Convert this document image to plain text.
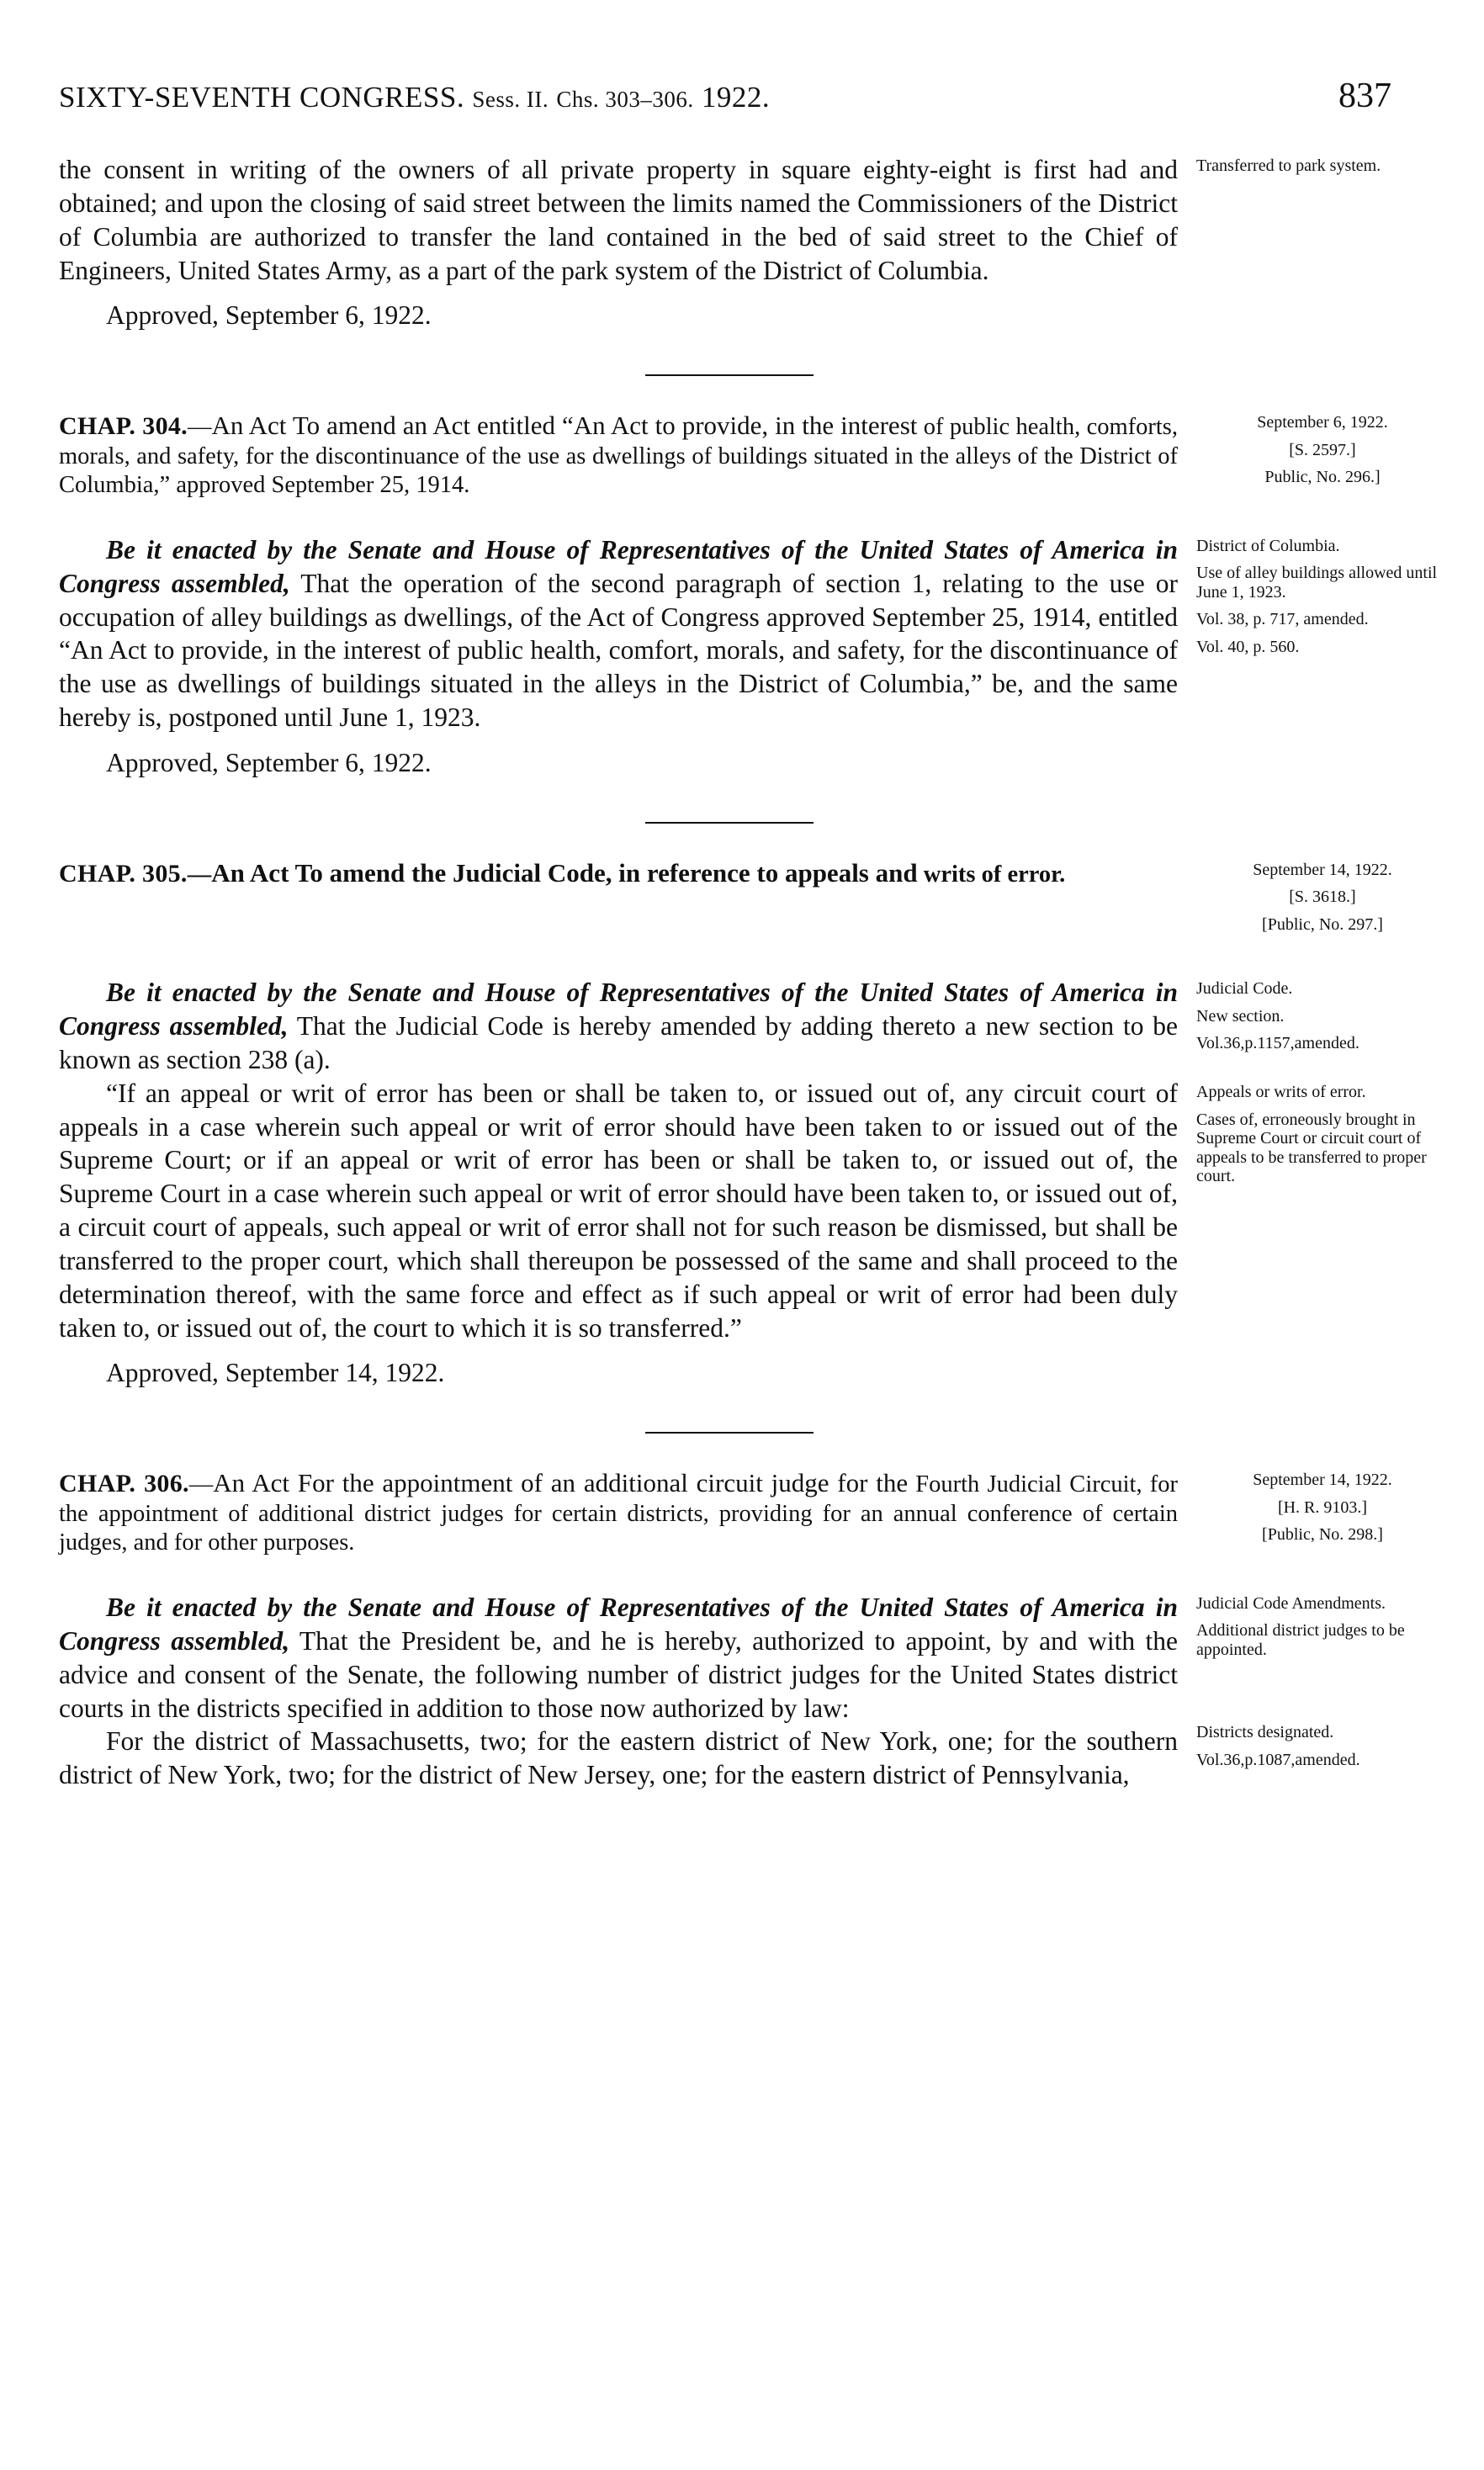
SIXTY-SEVENTH CONGRESS. Sess. II. Chs. 303–306. 1922.	837

the consent in writing of the owners of all private property in square eighty-eight is first had and obtained; and upon the closing of said street between the limits named the Commissioners of the District of Columbia are authorized to transfer the land contained in the bed of said street to the Chief of Engineers, United States Army, as a part of the park system of the District of Columbia.

Approved, September 6, 1922.

Transferred to park system.

CHAP. 304.—An Act To amend an Act entitled “An Act to provide, in the interest of public health, comforts, morals, and safety, for the discontinuance of the use as dwellings of buildings situated in the alleys of the District of Columbia,” approved September 25, 1914.

September 6, 1922.
[S. 2597.]
Public, No. 296.]

Be it enacted by the Senate and House of Representatives of the United States of America in Congress assembled, That the operation of the second paragraph of section 1, relating to the use or occupation of alley buildings as dwellings, of the Act of Congress approved September 25, 1914, entitled “An Act to provide, in the interest of public health, comfort, morals, and safety, for the discontinuance of the use as dwellings of buildings situated in the alleys in the District of Columbia,” be, and the same hereby is, postponed until June 1, 1923.

Approved, September 6, 1922.

District of Columbia.
Use of alley buildings allowed until June 1, 1923.
Vol. 38, p. 717, amended.
Vol. 40, p. 560.

CHAP. 305.—An Act To amend the Judicial Code, in reference to appeals and writs of error.	September 14, 1922.
[S. 3618.]
[Public, No. 297.]

Be it enacted by the Senate and House of Representatives of the United States of America in Congress assembled, That the Judicial Code is hereby amended by adding thereto a new section to be known as section 238 (a).

“If an appeal or writ of error has been or shall be taken to, or issued out of, any circuit court of appeals in a case wherein such appeal or writ of error should have been taken to or issued out of the Supreme Court; or if an appeal or writ of error has been or shall be taken to, or issued out of, the Supreme Court in a case wherein such appeal or writ of error should have been taken to, or issued out of, a circuit court of appeals, such appeal or writ of error shall not for such reason be dismissed, but shall be transferred to the proper court, which shall thereupon be possessed of the same and shall proceed to the determination thereof, with the same force and effect as if such appeal or writ of error had been duly taken to, or issued out of, the court to which it is so transferred.”

Approved, September 14, 1922.

Judicial Code.
New section.
Vol.36,p.1157,amended.
Appeals or writs of error.
Cases of, erroneously brought in Supreme Court or circuit court of appeals to be transferred to proper court.

CHAP. 306.—An Act For the appointment of an additional circuit judge for the Fourth Judicial Circuit, for the appointment of additional district judges for certain districts, providing for an annual conference of certain judges, and for other purposes.

September 14, 1922.
[H. R. 9103.]
[Public, No. 298.]

Be it enacted by the Senate and House of Representatives of the United States of America in Congress assembled, That the President be, and he is hereby, authorized to appoint, by and with the advice and consent of the Senate, the following number of district judges for the United States district courts in the districts specified in addition to those now authorized by law:

For the district of Massachusetts, two; for the eastern district of New York, one; for the southern district of New York, two; for the district of New Jersey, one; for the eastern district of Pennsylvania,

Judicial Code Amendments.
Additional district judges to be appointed.
Districts designated.
Vol.36,p.1087,amended.
